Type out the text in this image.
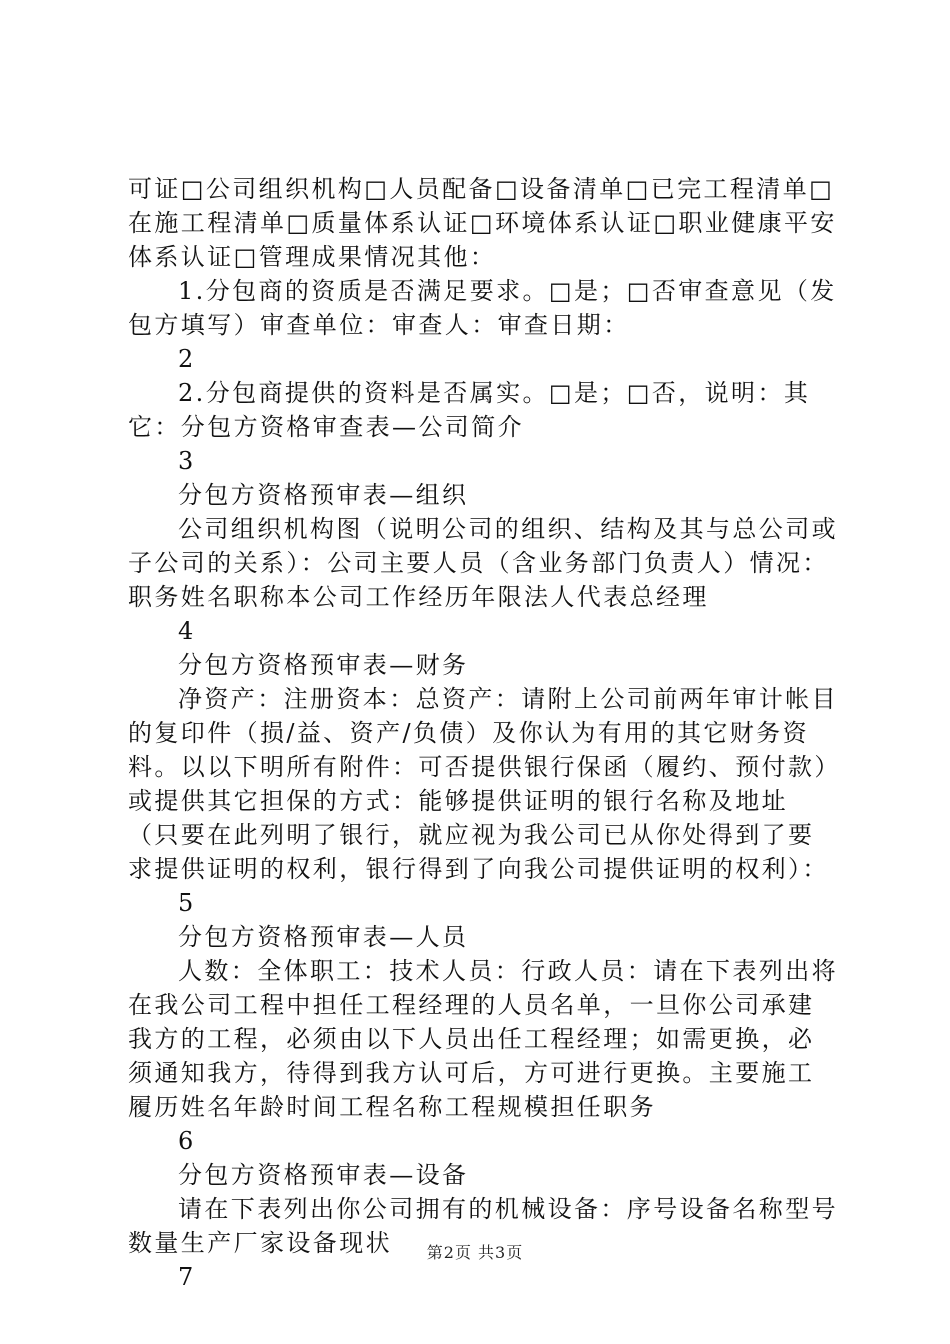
可证□公司组织机构□人员配备□设备清单□已完工程清单□在施工程清单□质量体系认证□环境体系认证□职业健康平安体系认证□管理成果情况其他：

1.分包商的资质是否满足要求。□是；□否审查意见（发包方填写）审查单位：审查人：审查日期：

2

2.分包商提供的资料是否属实。□是；□否，说明：其它：分包方资格审查表—公司简介

3

分包方资格预审表—组织

公司组织机构图（说明公司的组织、结构及其与总公司或子公司的关系）：公司主要人员（含业务部门负责人）情况：职务姓名职称本公司工作经历年限法人代表总经理

4

分包方资格预审表—财务

净资产：注册资本：总资产：请附上公司前两年审计帐目的复印件（损/益、资产/负债）及你认为有用的其它财务资料。以以下明所有附件：可否提供银行保函（履约、预付款）或提供其它担保的方式：能够提供证明的银行名称及地址（只要在此列明了银行，就应视为我公司已从你处得到了要求提供证明的权利，银行得到了向我公司提供证明的权利）：

5

分包方资格预审表—人员

人数：全体职工：技术人员：行政人员：请在下表列出将在我公司工程中担任工程经理的人员名单，一旦你公司承建我方的工程，必须由以下人员出任工程经理；如需更换，必须通知我方，待得到我方认可后，方可进行更换。主要施工履历姓名年龄时间工程名称工程规模担任职务

6

分包方资格预审表—设备

请在下表列出你公司拥有的机械设备：序号设备名称型号数量生产厂家设备现状

7

第2页 共3页
